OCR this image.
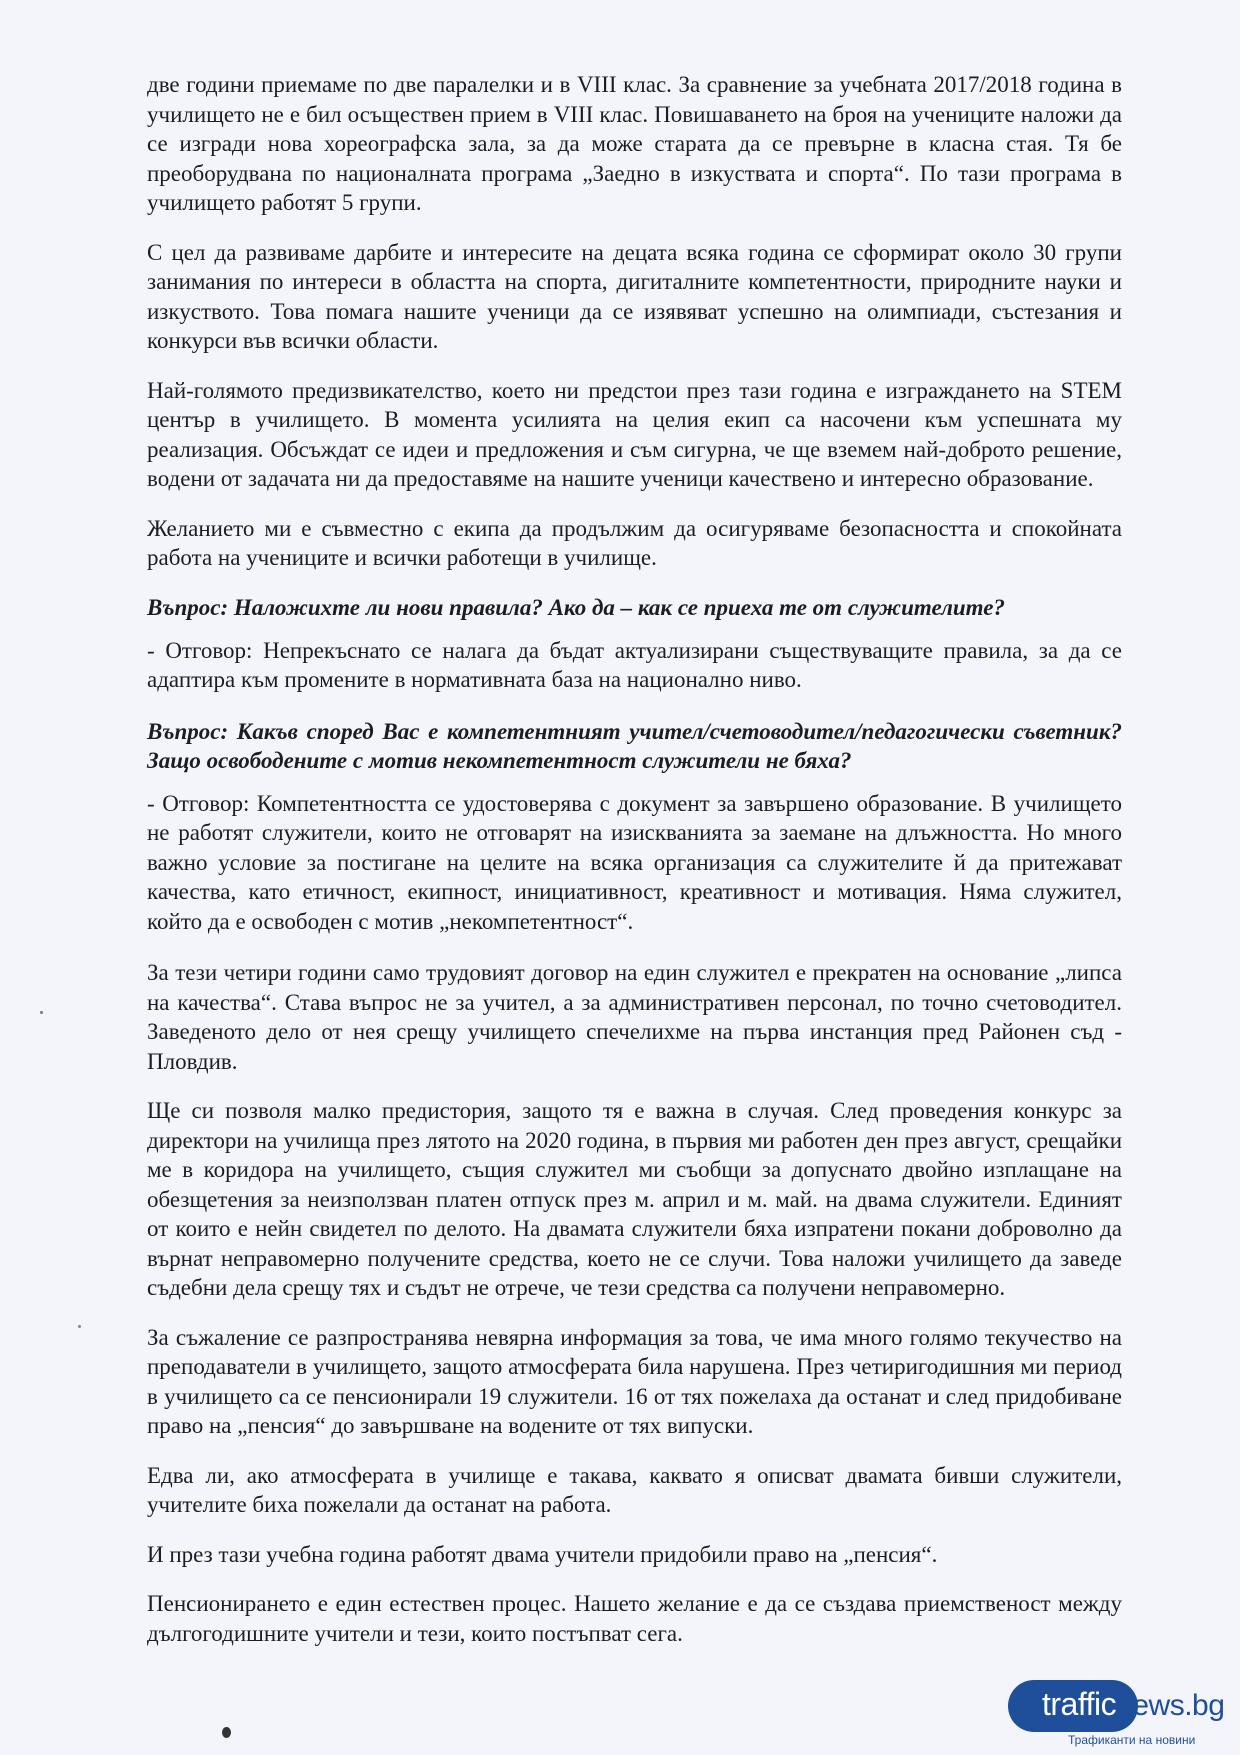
две години приемаме по две паралелки и в VIII клас. За сравнение за учебната 2017/2018 година в училището не е бил осъществен прием в VIII клас. Повишаването на броя на учениците наложи да се изгради нова хореографска зала, за да може старата да се превърне в класна стая. Тя бе преоборудвана по националната програма „Заедно в изкуствата и спорта“. По тази програма в училището работят 5 групи.

С цел да развиваме дарбите и интересите на децата всяка година се сформират около 30 групи занимания по интереси в областта на спорта, дигиталните компетентности, природните науки и изкуството. Това помага нашите ученици да се изявяват успешно на олимпиади, състезания и конкурси във всички области.

Най-голямото предизвикателство, което ни предстои през тази година е изграждането на STEM център в училището. В момента усилията на целия екип са насочени към успешната му реализация. Обсъждат се идеи и предложения и съм сигурна, че ще вземем най-доброто решение, водени от задачата ни да предоставяме на нашите ученици качествено и интересно образование.

Желанието ми е съвместно с екипа да продължим да осигуряваме безопасността и спокойната работа на учениците и всички работещи в училище.

Въпрос: Наложихте ли нови правила? Ако да – как се приеха те от служителите?

- Отговор: Непрекъснато се налага да бъдат актуализирани съществуващите правила, за да се адаптира към промените в нормативната база на национално ниво.

Въпрос: Какъв според Вас е компетентният учител/счетоводител/педагогически съветник? Защо освободените с мотив некомпетентност служители не бяха?

- Отговор: Компетентността се удостоверява с документ за завършено образование. В училището не работят служители, които не отговарят на изискванията за заемане на длъжността. Но много важно условие за постигане на целите на всяка организация са служителите й да притежават качества, като етичност, екипност, инициативност, креативност и мотивация. Няма служител, който да е освободен с мотив „некомпетентност“.

За тези четири години само трудовият договор на един служител е прекратен на основание „липса на качества“. Става въпрос не за учител, а за административен персонал, по точно счетоводител. Заведеното дело от нея срещу училището спечелихме на първа инстанция пред Районен съд - Пловдив.

Ще си позволя малко предистория, защото тя е важна в случая. След проведения конкурс за директори на училища през лятото на 2020 година, в първия ми работен ден през август, срещайки ме в коридора на училището, същия служител ми съобщи за допуснато двойно изплащане на обезщетения за неизползван платен отпуск през м. април и м. май. на двама служители. Единият от които е нейн свидетел по делото. На двамата служители бяха изпратени покани доброволно да върнат неправомерно получените средства, което не се случи. Това наложи училището да заведе съдебни дела срещу тях и съдът не отрече, че тези средства са получени неправомерно.

За съжаление се разпространява невярна информация за това, че има много голямо текучество на преподаватели в училището, защото атмосферата била нарушена. През четиригодишния ми период в училището са се пенсионирали 19 служители. 16 от тях пожелаха да останат и след придобиване право на „пенсия“ до завършване на водените от тях випуски.

Едва ли, ако атмосферата в училище е такава, каквато я описват двамата бивши служители, учителите биха пожелали да останат на работа.

И през тази учебна година работят двама учители придобили право на „пенсия“.

Пенсионирането е един естествен процес. Нашето желание е да се създава приемственост между дългогодишните учители и тези, които постъпват сега.

trafficnews.bg
Трафиканти на новини
